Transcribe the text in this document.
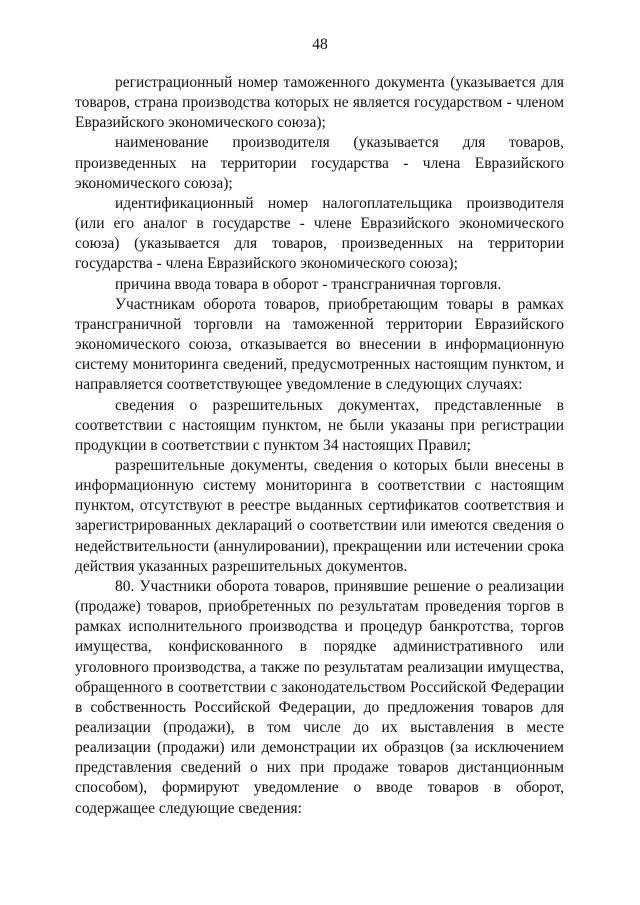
48

регистрационный номер таможенного документа (указывается для товаров, страна производства которых не является государством - членом Евразийского экономического союза);

наименование производителя (указывается для товаров, произведенных на территории государства - члена Евразийского экономического союза);

идентификационный номер налогоплательщика производителя (или его аналог в государстве - члене Евразийского экономического союза) (указывается для товаров, произведенных на территории государства - члена Евразийского экономического союза);

причина ввода товара в оборот - трансграничная торговля.

Участникам оборота товаров, приобретающим товары в рамках трансграничной торговли на таможенной территории Евразийского экономического союза, отказывается во внесении в информационную систему мониторинга сведений, предусмотренных настоящим пунктом, и направляется соответствующее уведомление в следующих случаях:

сведения о разрешительных документах, представленные в соответствии с настоящим пунктом, не были указаны при регистрации продукции в соответствии с пунктом 34 настоящих Правил;

разрешительные документы, сведения о которых были внесены в информационную систему мониторинга в соответствии с настоящим пунктом, отсутствуют в реестре выданных сертификатов соответствия и зарегистрированных деклараций о соответствии или имеются сведения о недействительности (аннулировании), прекращении или истечении срока действия указанных разрешительных документов.

80. Участники оборота товаров, принявшие решение о реализации (продаже) товаров, приобретенных по результатам проведения торгов в рамках исполнительного производства и процедур банкротства, торгов имущества, конфискованного в порядке административного или уголовного производства, а также по результатам реализации имущества, обращенного в соответствии с законодательством Российской Федерации в собственность Российской Федерации, до предложения товаров для реализации (продажи), в том числе до их выставления в месте реализации (продажи) или демонстрации их образцов (за исключением представления сведений о них при продаже товаров дистанционным способом), формируют уведомление о вводе товаров в оборот, содержащее следующие сведения:
